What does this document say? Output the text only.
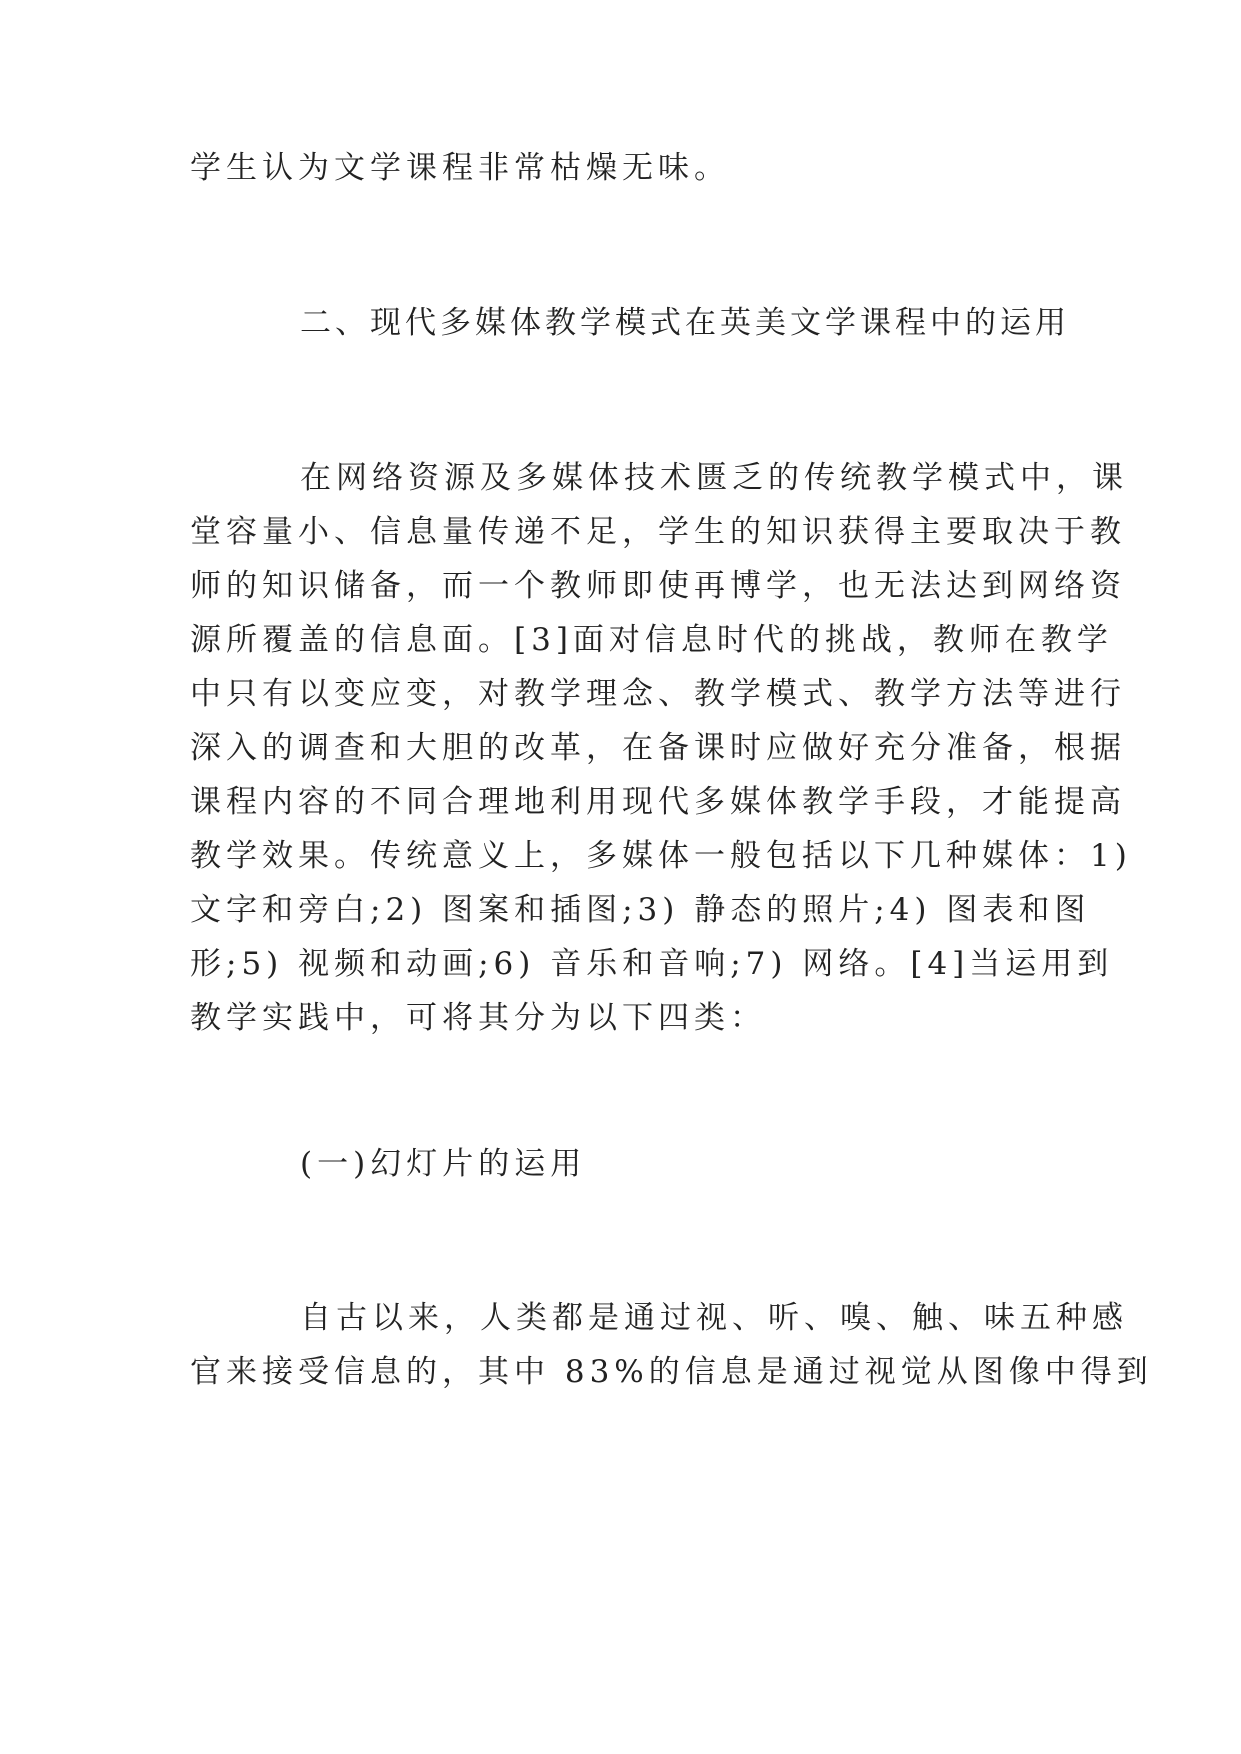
学生认为文学课程非常枯燥无味。

二、现代多媒体教学模式在英美文学课程中的运用

在网络资源及多媒体技术匮乏的传统教学模式中，课

堂容量小、信息量传递不足，学生的知识获得主要取决于教

师的知识储备，而一个教师即使再博学，也无法达到网络资

源所覆盖的信息面。[3]面对信息时代的挑战，教师在教学

中只有以变应变，对教学理念、教学模式、教学方法等进行

深入的调查和大胆的改革，在备课时应做好充分准备，根据

课程内容的不同合理地利用现代多媒体教学手段，才能提高

教学效果。传统意义上，多媒体一般包括以下几种媒体：1)

文字和旁白;2) 图案和插图;3) 静态的照片;4) 图表和图

形;5) 视频和动画;6) 音乐和音响;7) 网络。[4]当运用到

教学实践中，可将其分为以下四类：

(一)幻灯片的运用

自古以来，人类都是通过视、听、嗅、触、味五种感

官来接受信息的，其中 83%的信息是通过视觉从图像中得到
